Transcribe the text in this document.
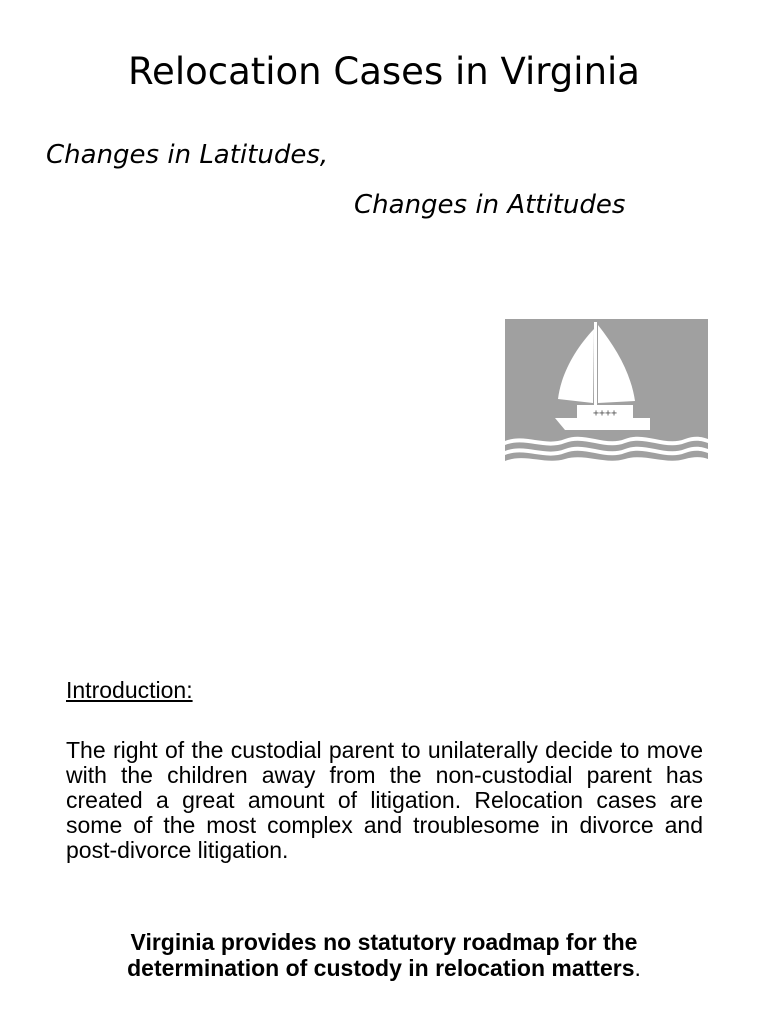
Relocation Cases in Virginia
Changes in Latitudes,
Changes in Attitudes
++++
Introduction:

The right of the custodial parent to unilaterally decide to move with the children away from the non-custodial parent has created a great amount of litigation. Relocation cases are some of the most complex and troublesome in divorce and post-divorce litigation.

Virginia provides no statutory roadmap for the determination of custody in relocation matters.
